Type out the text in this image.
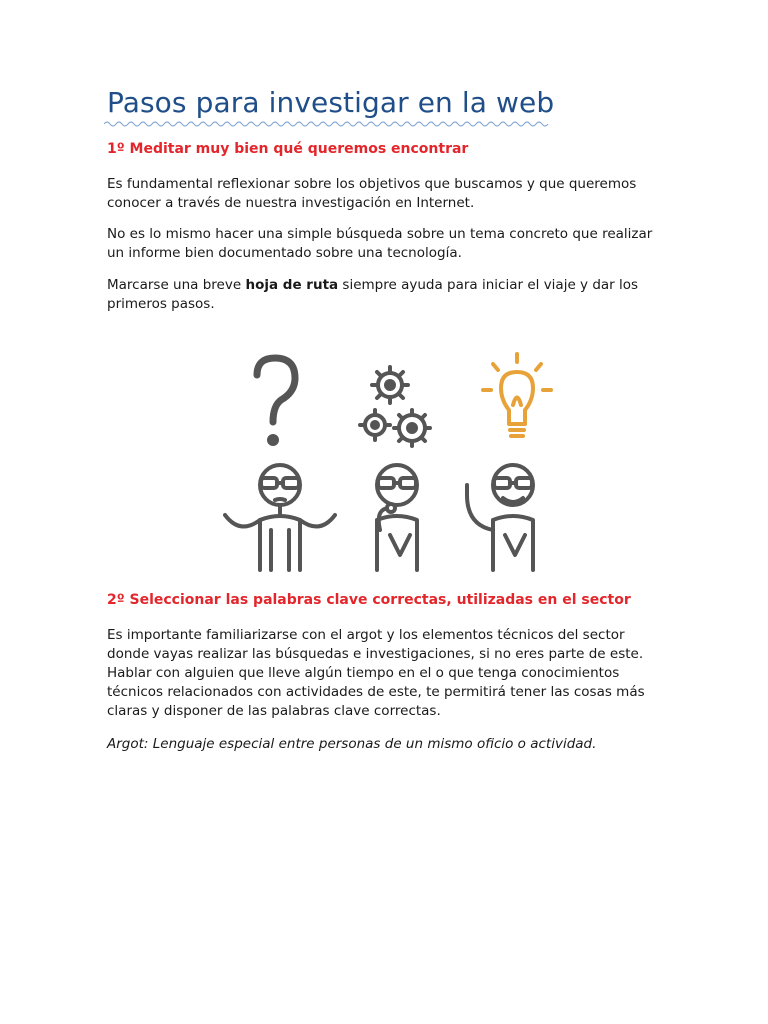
Pasos para investigar en la web
1º Meditar muy bien qué queremos encontrar

Es fundamental reflexionar sobre los objetivos que buscamos y que queremos conocer a través de nuestra investigación en Internet.

No es lo mismo hacer una simple búsqueda sobre un tema concreto que realizar un informe bien documentado sobre una tecnología.

Marcarse una breve hoja de ruta siempre ayuda para iniciar el viaje y dar los primeros pasos.

2º Seleccionar las palabras clave correctas, utilizadas en el sector

Es importante familiarizarse con el argot y los elementos técnicos del sector donde vayas realizar las búsquedas e investigaciones, si no eres parte de este. Hablar con alguien que lleve algún tiempo en el o que tenga conocimientos técnicos relacionados con actividades de este, te permitirá tener las cosas más claras y disponer de las palabras clave correctas.

Argot: Lenguaje especial entre personas de un mismo oficio o actividad.
